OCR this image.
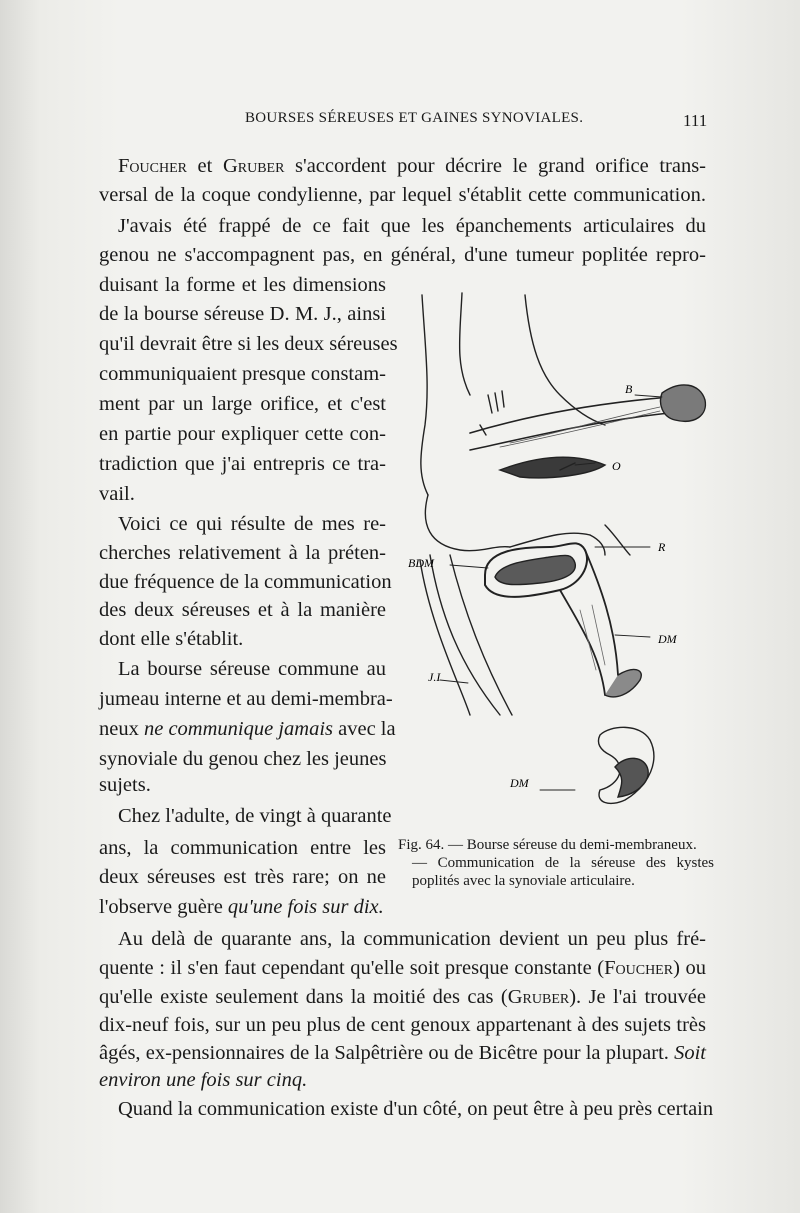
BOURSES SÉREUSES ET GAINES SYNOVIALES.	111
Foucher et Gruber s'accordent pour décrire le grand orifice trans-
versal de la coque condylienne, par lequel s'établit cette communication.
J'avais été frappé de ce fait que les épanchements articulaires du
genou ne s'accompagnent pas, en général, d'une tumeur poplitée repro-
duisant la forme et les dimensions
de la bourse séreuse D. M. J., ainsi
qu'il devrait être si les deux séreuses
communiquaient presque constam-
ment par un large orifice, et c'est
en partie pour expliquer cette con-
tradiction que j'ai entrepris ce tra-
vail.
Voici ce qui résulte de mes re-
cherches relativement à la préten-
due fréquence de la communication
des deux séreuses et à la manière
dont elle s'établit.
La bourse séreuse commune au
jumeau interne et au demi-membra-
neux ne communique jamais avec la
synoviale du genou chez les jeunes
sujets.
Chez l'adulte, de vingt à quarante
ans, la communication entre les
deux séreuses est très rare; on ne
l'observe guère qu'une fois sur dix.
Au delà de quarante ans, la communication devient un peu plus fré-
quente : il s'en faut cependant qu'elle soit presque constante (Foucher) ou
qu'elle existe seulement dans la moitié des cas (Gruber). Je l'ai trouvée
dix-neuf fois, sur un peu plus de cent genoux appartenant à des sujets très
âgés, ex-pensionnaires de la Salpêtrière ou de Bicêtre pour la plupart. Soit
environ une fois sur cinq.
Quand la communication existe d'un côté, on peut être à peu près certain
B
O
R
BDM
DM
J.I
DM
Fig. 64. — Bourse séreuse du demi-membraneux.
— Communication de la séreuse des kystes poplités avec la synoviale articulaire.
